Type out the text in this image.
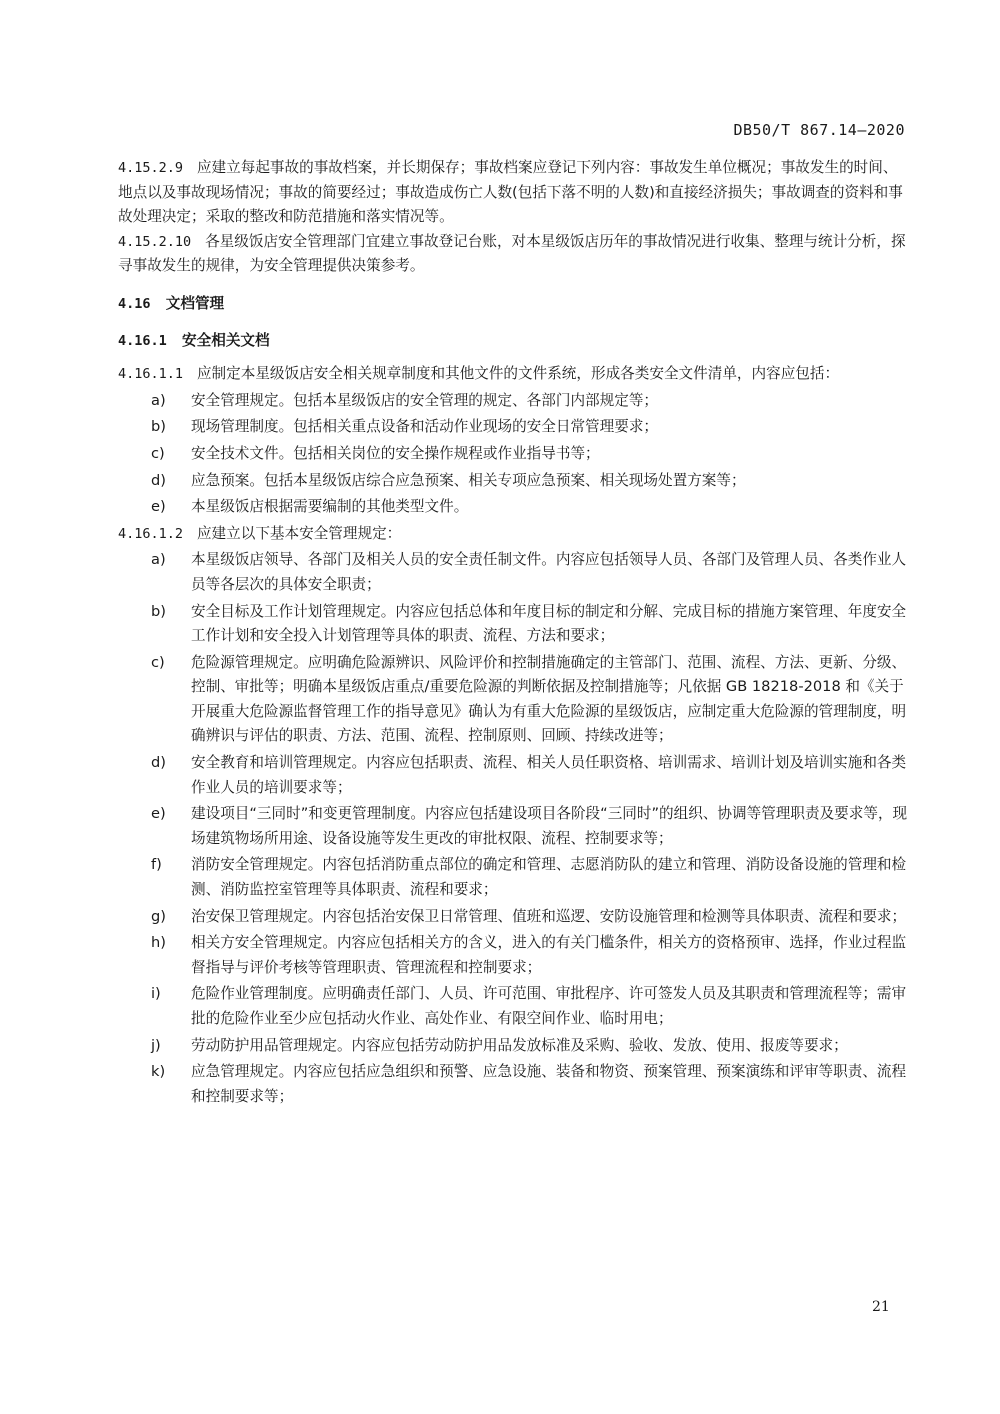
DB50/T 867.14—2020

4.15.2.9 应建立每起事故的事故档案，并长期保存；事故档案应登记下列内容：事故发生单位概况；事故发生的时间、地点以及事故现场情况；事故的简要经过；事故造成伤亡人数(包括下落不明的人数)和直接经济损失；事故调查的资料和事故处理决定；采取的整改和防范措施和落实情况等。

4.15.2.10 各星级饭店安全管理部门宜建立事故登记台账，对本星级饭店历年的事故情况进行收集、整理与统计分析，探寻事故发生的规律，为安全管理提供决策参考。

4.16 文档管理

4.16.1 安全相关文档

4.16.1.1 应制定本星级饭店安全相关规章制度和其他文件的文件系统，形成各类安全文件清单，内容应包括：

a)	安全管理规定。包括本星级饭店的安全管理的规定、各部门内部规定等；
b)	现场管理制度。包括相关重点设备和活动作业现场的安全日常管理要求；
c)	安全技术文件。包括相关岗位的安全操作规程或作业指导书等；
d)	应急预案。包括本星级饭店综合应急预案、相关专项应急预案、相关现场处置方案等；
e)	本星级饭店根据需要编制的其他类型文件。

4.16.1.2 应建立以下基本安全管理规定：

a)	本星级饭店领导、各部门及相关人员的安全责任制文件。内容应包括领导人员、各部门及管理人员、各类作业人员等各层次的具体安全职责；
b)	安全目标及工作计划管理规定。内容应包括总体和年度目标的制定和分解、完成目标的措施方案管理、年度安全工作计划和安全投入计划管理等具体的职责、流程、方法和要求；
c)	危险源管理规定。应明确危险源辨识、风险评价和控制措施确定的主管部门、范围、流程、方法、更新、分级、控制、审批等；明确本星级饭店重点/重要危险源的判断依据及控制措施等；凡依据 GB 18218-2018 和《关于开展重大危险源监督管理工作的指导意见》确认为有重大危险源的星级饭店，应制定重大危险源的管理制度，明确辨识与评估的职责、方法、范围、流程、控制原则、回顾、持续改进等；
d)	安全教育和培训管理规定。内容应包括职责、流程、相关人员任职资格、培训需求、培训计划及培训实施和各类作业人员的培训要求等；
e)	建设项目“三同时”和变更管理制度。内容应包括建设项目各阶段“三同时”的组织、协调等管理职责及要求等，现场建筑物场所用途、设备设施等发生更改的审批权限、流程、控制要求等；
f)	消防安全管理规定。内容包括消防重点部位的确定和管理、志愿消防队的建立和管理、消防设备设施的管理和检测、消防监控室管理等具体职责、流程和要求；
g)	治安保卫管理规定。内容包括治安保卫日常管理、值班和巡逻、安防设施管理和检测等具体职责、流程和要求；
h)	相关方安全管理规定。内容应包括相关方的含义，进入的有关门槛条件，相关方的资格预审、选择，作业过程监督指导与评价考核等管理职责、管理流程和控制要求；
i)	危险作业管理制度。应明确责任部门、人员、许可范围、审批程序、许可签发人员及其职责和管理流程等；需审批的危险作业至少应包括动火作业、高处作业、有限空间作业、临时用电；
j)	劳动防护用品管理规定。内容应包括劳动防护用品发放标准及采购、验收、发放、使用、报废等要求；
k)	应急管理规定。内容应包括应急组织和预警、应急设施、装备和物资、预案管理、预案演练和评审等职责、流程和控制要求等；
21
